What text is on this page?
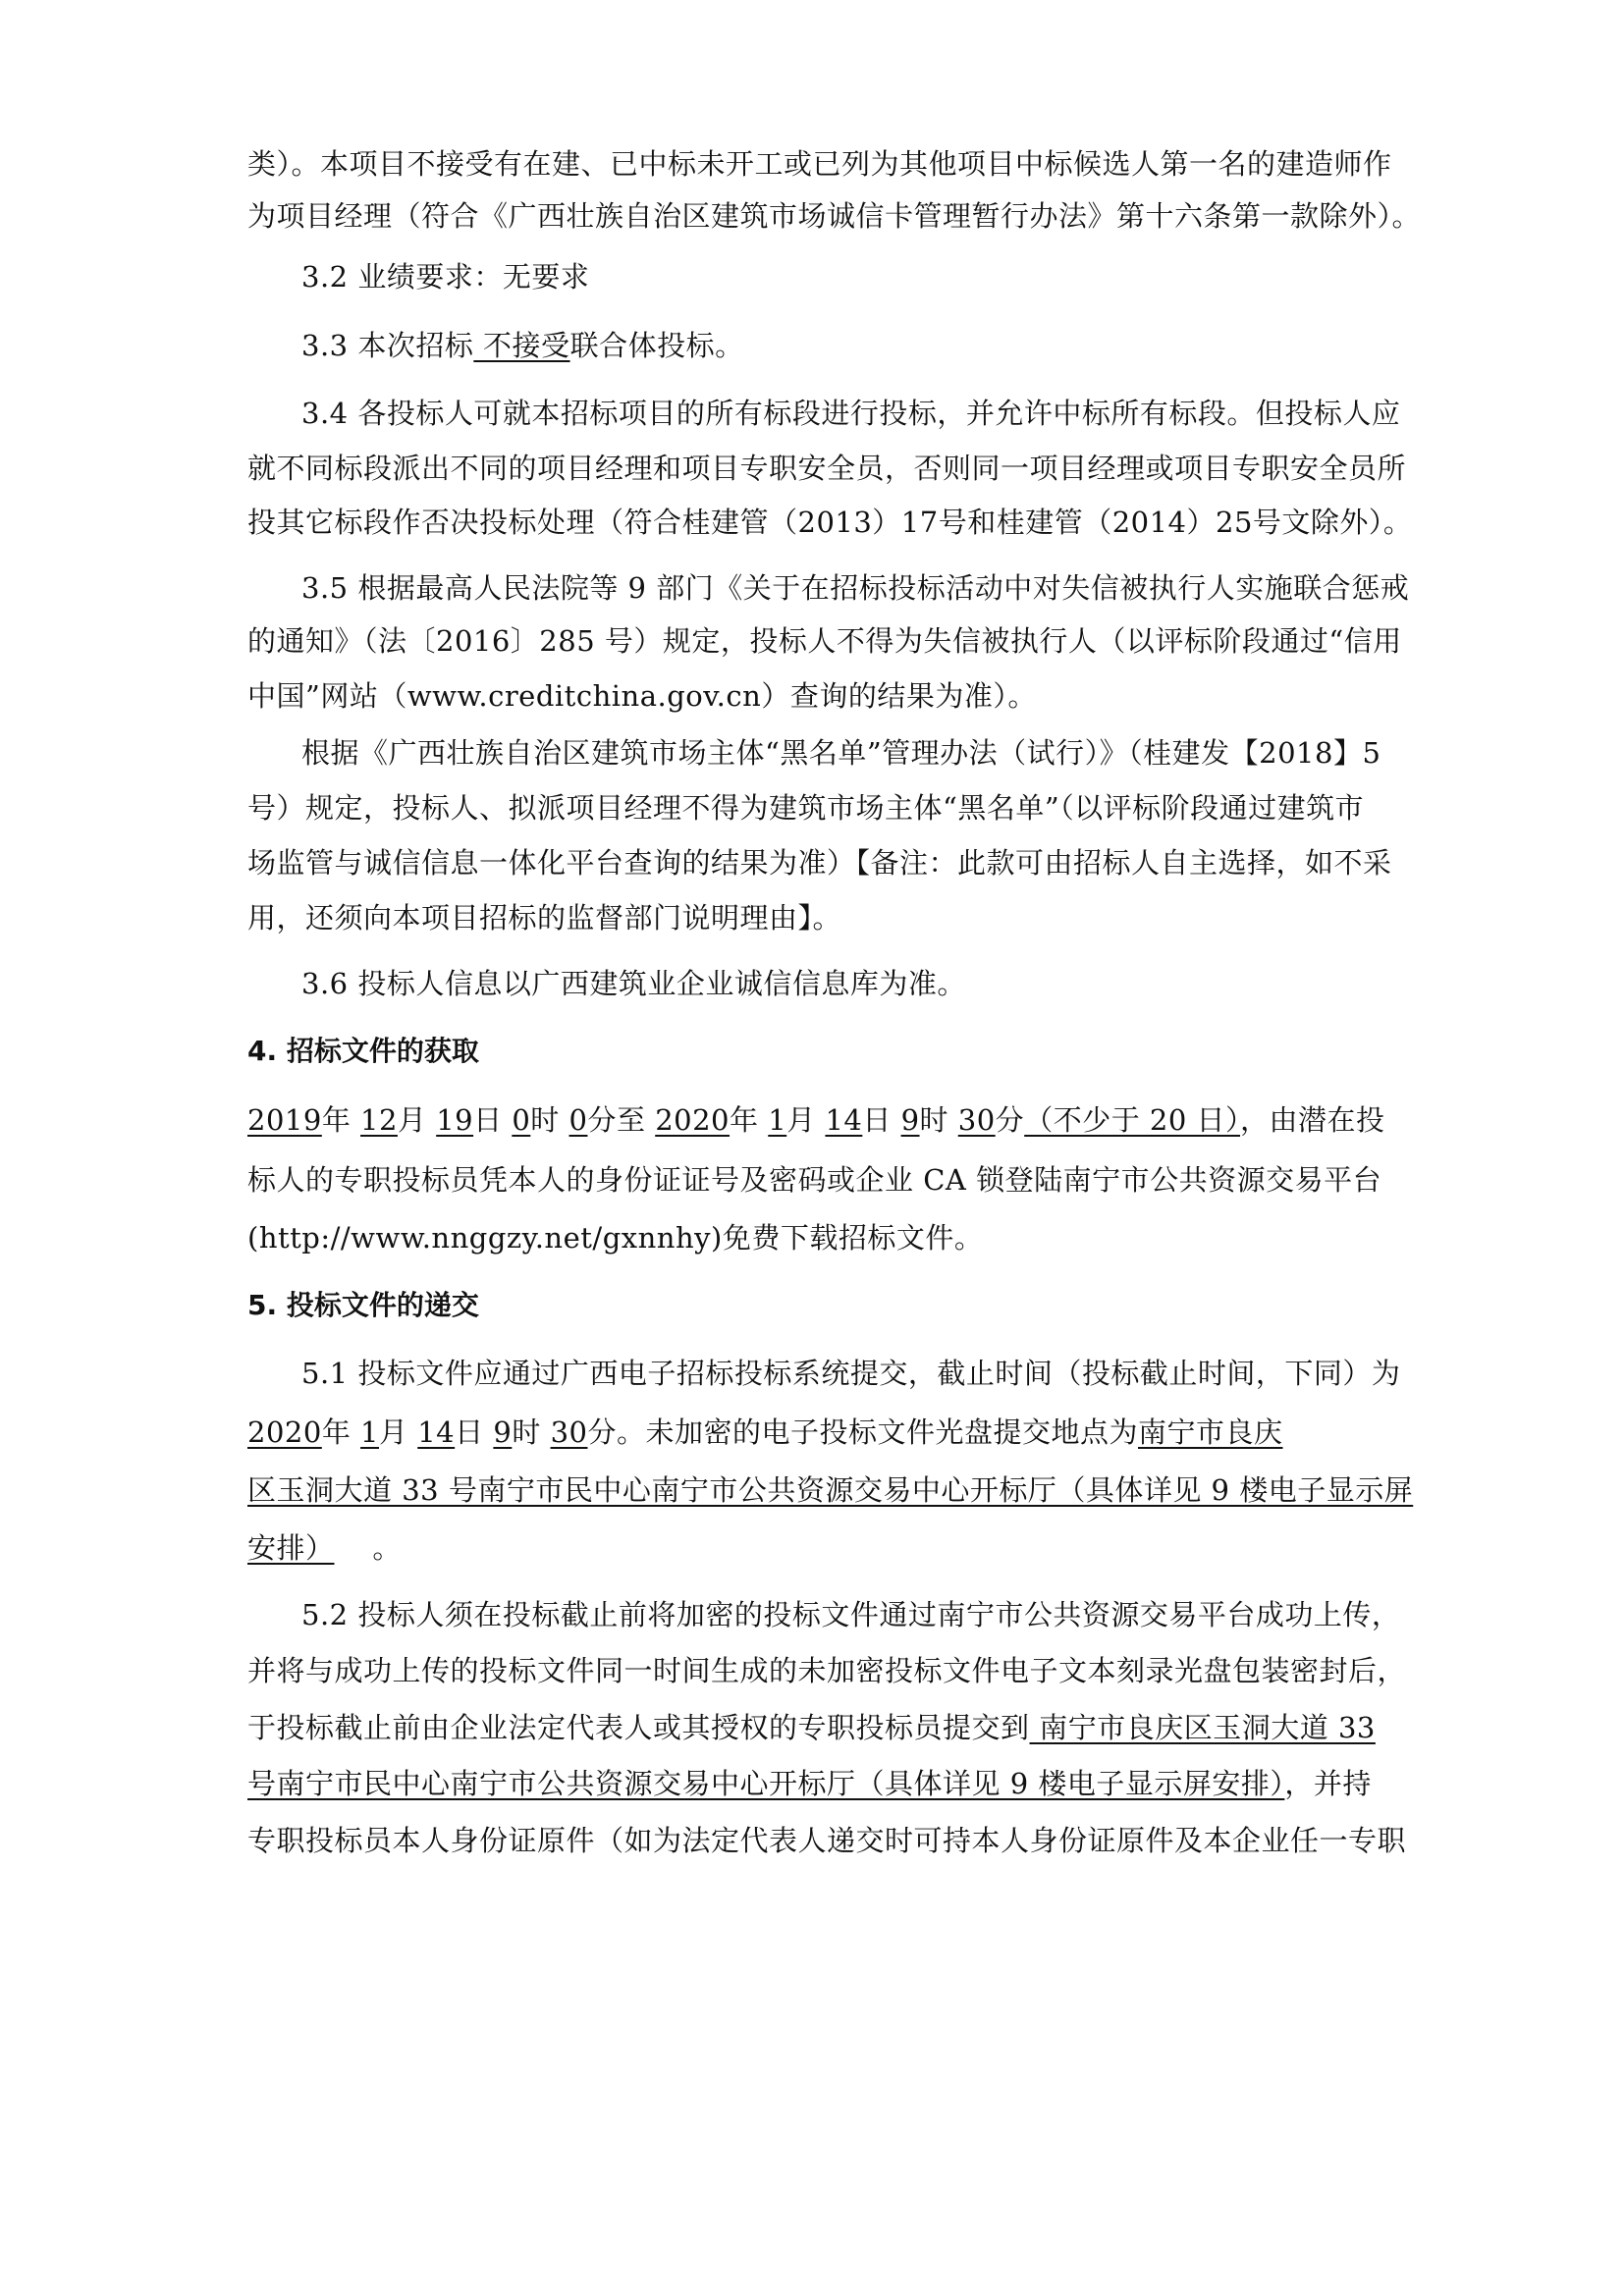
类）。本项目不接受有在建、已中标未开工或已列为其他项目中标候选人第一名的建造师作
为项目经理（符合《广西壮族自治区建筑市场诚信卡管理暂行办法》第十六条第一款除外）。
3.2 业绩要求：无要求
3.3 本次招标 不接受联合体投标。
3.4 各投标人可就本招标项目的所有标段进行投标，并允许中标所有标段。但投标人应
就不同标段派出不同的项目经理和项目专职安全员，否则同一项目经理或项目专职安全员所
投其它标段作否决投标处理（符合桂建管（2013）17号和桂建管（2014）25号文除外）。
3.5 根据最高人民法院等 9 部门《关于在招标投标活动中对失信被执行人实施联合惩戒
的通知》（法〔2016〕285 号）规定，投标人不得为失信被执行人（以评标阶段通过“信用
中国”网站（www.creditchina.gov.cn）查询的结果为准）。
根据《广西壮族自治区建筑市场主体“黑名单”管理办法（试行）》（桂建发【2018】5
号）规定，投标人、拟派项目经理不得为建筑市场主体“黑名单”（以评标阶段通过建筑市
场监管与诚信信息一体化平台查询的结果为准）【备注：此款可由招标人自主选择，如不采
用，还须向本项目招标的监督部门说明理由】。
3.6 投标人信息以广西建筑业企业诚信信息库为准。
4. 招标文件的获取
2019年 12月 19日 0时 0分至 2020年 1月 14日 9时 30分（不少于 20 日），由潜在投
标人的专职投标员凭本人的身份证证号及密码或企业 CA 锁登陆南宁市公共资源交易平台
(http://www.nnggzy.net/gxnnhy)免费下载招标文件。
5. 投标文件的递交
5.1 投标文件应通过广西电子招标投标系统提交，截止时间（投标截止时间，下同）为
2020年 1月 14日 9时 30分。未加密的电子投标文件光盘提交地点为南宁市良庆
区玉洞大道 33 号南宁市民中心南宁市公共资源交易中心开标厅（具体详见 9 楼电子显示屏
安排） 。
5.2 投标人须在投标截止前将加密的投标文件通过南宁市公共资源交易平台成功上传，
并将与成功上传的投标文件同一时间生成的未加密投标文件电子文本刻录光盘包装密封后，
于投标截止前由企业法定代表人或其授权的专职投标员提交到 南宁市良庆区玉洞大道 33
号南宁市民中心南宁市公共资源交易中心开标厅（具体详见 9 楼电子显示屏安排），并持
专职投标员本人身份证原件（如为法定代表人递交时可持本人身份证原件及本企业任一专职
